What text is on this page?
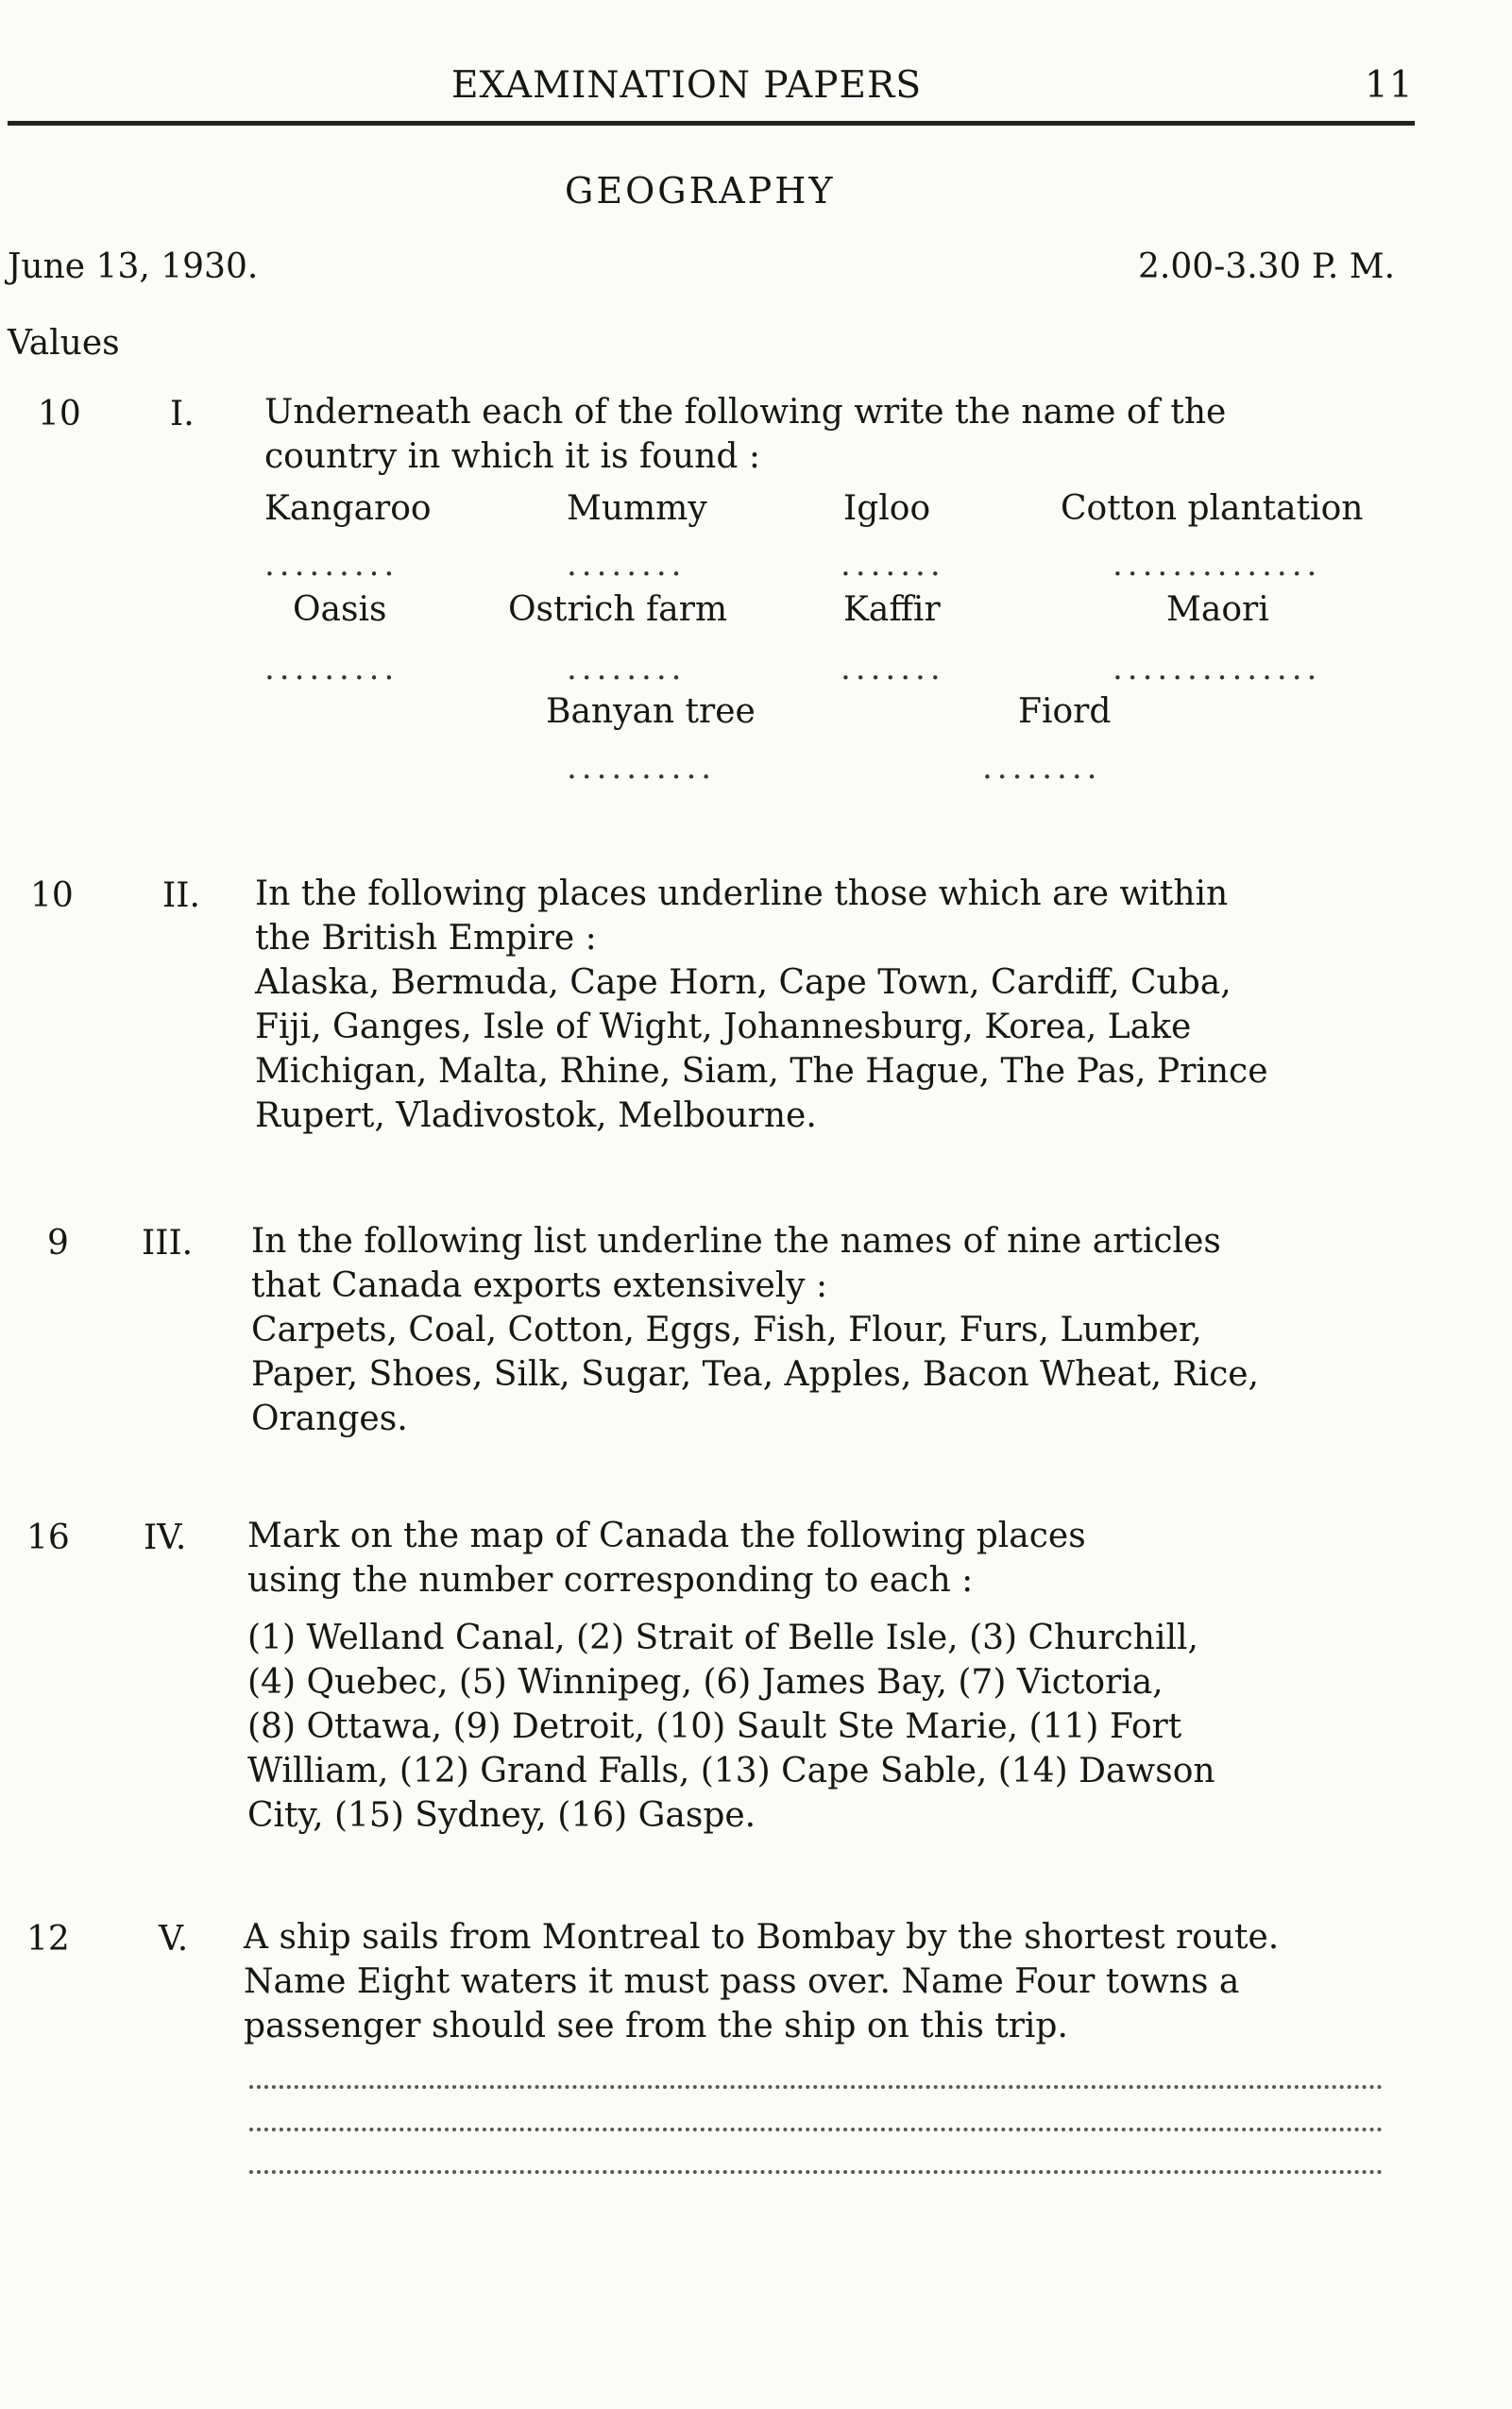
EXAMINATION PAPERS	11
GEOGRAPHY
June 13, 1930.	2.00-3.30 P. M.
Values
10	I. Underneath each of the following write the name of the
country in which it is found :
Kangaroo	Mummy	Igloo	Cotton plantation
.........	........	.......	..............
Oasis	Ostrich farm	Kaffir	Maori
.........	........	.......	..............
Banyan tree	Fiord
..........	........
10	II. In the following places underline those which are within
the British Empire :
Alaska, Bermuda, Cape Horn, Cape Town, Cardiff, Cuba,
Fiji, Ganges, Isle of Wight, Johannesburg, Korea, Lake
Michigan, Malta, Rhine, Siam, The Hague, The Pas, Prince
Rupert, Vladivostok, Melbourne.
9 III. In the following list underline the names of nine articles
that Canada exports extensively :
Carpets, Coal, Cotton, Eggs, Fish, Flour, Furs, Lumber,
Paper, Shoes, Silk, Sugar, Tea, Apples, Bacon Wheat, Rice,
Oranges.
16 IV. Mark on the map of Canada the following places
using the number corresponding to each :
(1) Welland Canal, (2) Strait of Belle Isle, (3) Churchill,
(4) Quebec, (5) Winnipeg, (6) James Bay, (7) Victoria,
(8) Ottawa, (9) Detroit, (10) Sault Ste Marie, (11) Fort
William, (12) Grand Falls, (13) Cape Sable, (14) Dawson
City, (15) Sydney, (16) Gaspe.
12	V. A ship sails from Montreal to Bombay by the shortest route.
Name Eight waters it must pass over. Name Four towns a
passenger should see from the ship on this trip.
